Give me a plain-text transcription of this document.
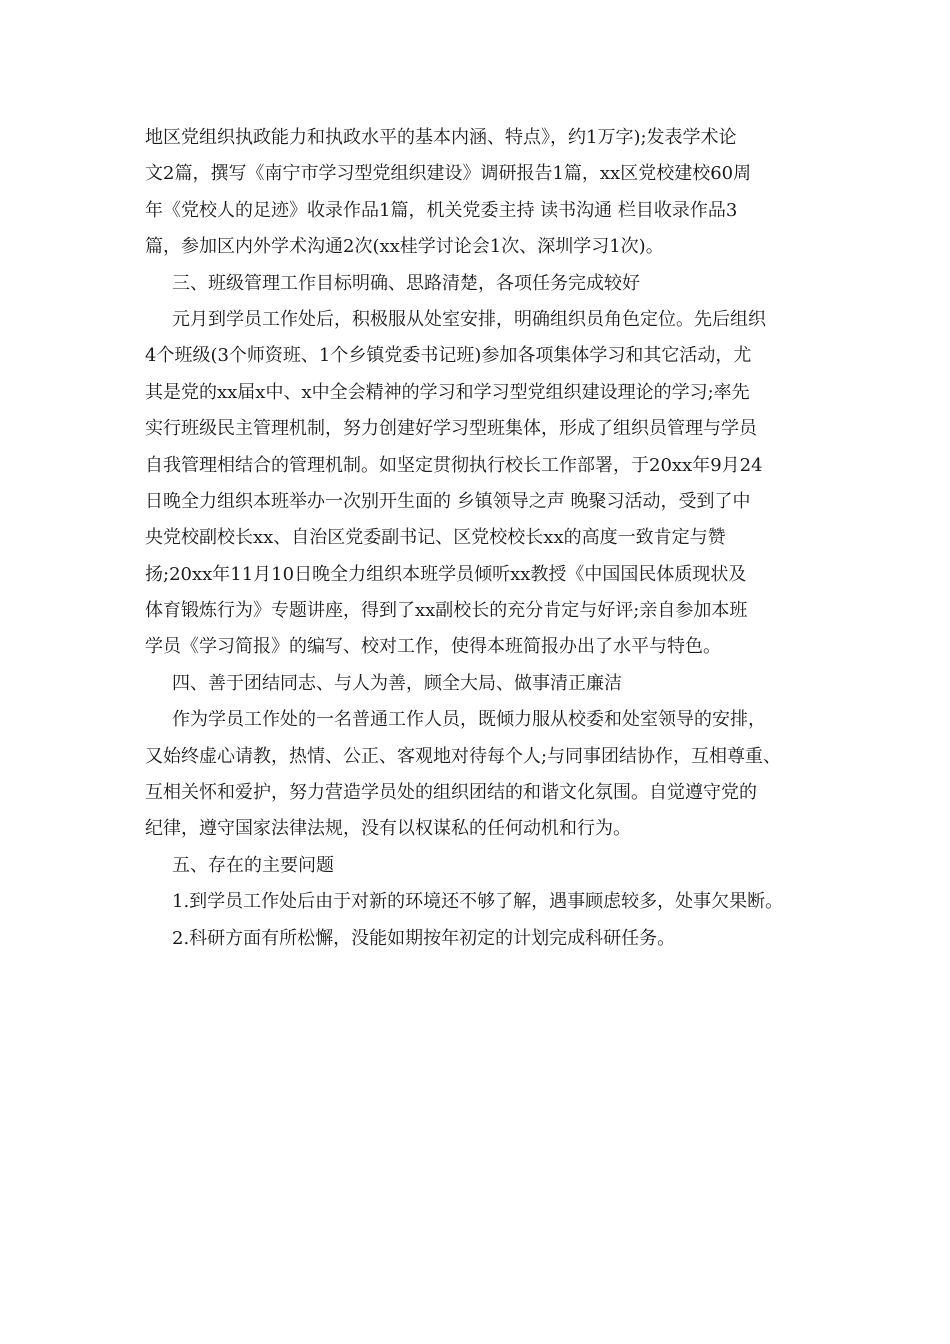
地区党组织执政能力和执政水平的基本内涵、特点》，约1万字);发表学术论
文2篇，撰写《南宁市学习型党组织建设》调研报告1篇，xx区党校建校60周
年《党校人的足迹》收录作品1篇，机关党委主持 读书沟通 栏目收录作品3
篇，参加区内外学术沟通2次(xx桂学讨论会1次、深圳学习1次)。
三、班级管理工作目标明确、思路清楚，各项任务完成较好
元月到学员工作处后，积极服从处室安排，明确组织员角色定位。先后组织
4个班级(3个师资班、1个乡镇党委书记班)参加各项集体学习和其它活动，尤
其是党的xx届x中、x中全会精神的学习和学习型党组织建设理论的学习;率先
实行班级民主管理机制，努力创建好学习型班集体，形成了组织员管理与学员
自我管理相结合的管理机制。如坚定贯彻执行校长工作部署，于20xx年9月24
日晚全力组织本班举办一次别开生面的 乡镇领导之声 晚聚习活动，受到了中
央党校副校长xx、自治区党委副书记、区党校校长xx的高度一致肯定与赞
扬;20xx年11月10日晚全力组织本班学员倾听xx教授《中国国民体质现状及
体育锻炼行为》专题讲座，得到了xx副校长的充分肯定与好评;亲自参加本班
学员《学习简报》的编写、校对工作，使得本班简报办出了水平与特色。
四、善于团结同志、与人为善，顾全大局、做事清正廉洁
作为学员工作处的一名普通工作人员，既倾力服从校委和处室领导的安排，
又始终虚心请教，热情、公正、客观地对待每个人;与同事团结协作，互相尊重、
互相关怀和爱护，努力营造学员处的组织团结的和谐文化氛围。自觉遵守党的
纪律，遵守国家法律法规，没有以权谋私的任何动机和行为。
五、存在的主要问题
1.到学员工作处后由于对新的环境还不够了解，遇事顾虑较多，处事欠果断。
2.科研方面有所松懈，没能如期按年初定的计划完成科研任务。
